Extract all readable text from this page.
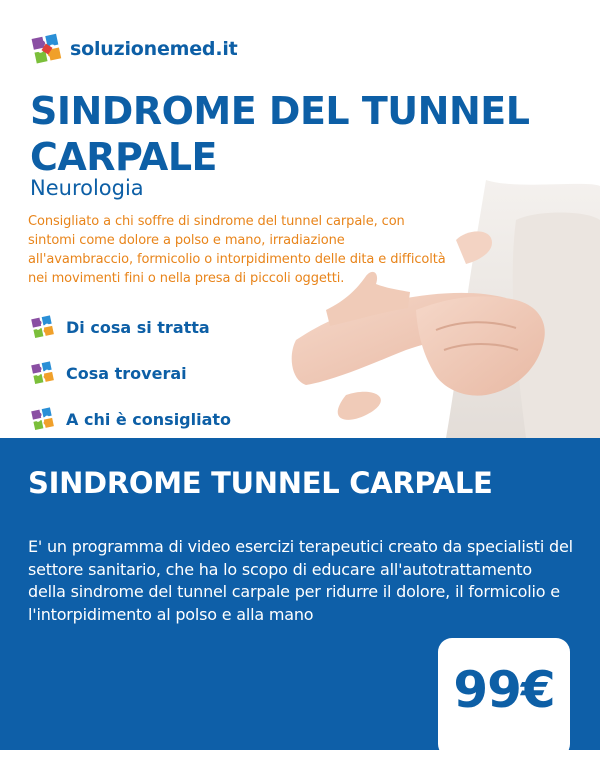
soluzionemed.it
SINDROME DEL TUNNEL CARPALE
Neurologia

Consigliato a chi soffre di sindrome del tunnel carpale, con sintomi come dolore a polso e mano, irradiazione all'avambraccio, formicolio o intorpidimento delle dita e difficoltà nei movimenti fini o nella presa di piccoli oggetti.

Di cosa si tratta
Cosa troverai
A chi è consigliato
SINDROME TUNNEL CARPALE

E' un programma di video esercizi terapeutici creato da specialisti del settore sanitario, che ha lo scopo di educare all'autotrattamento della sindrome del tunnel carpale per ridurre il dolore, il formicolio e l'intorpidimento al polso e alla mano

99€
